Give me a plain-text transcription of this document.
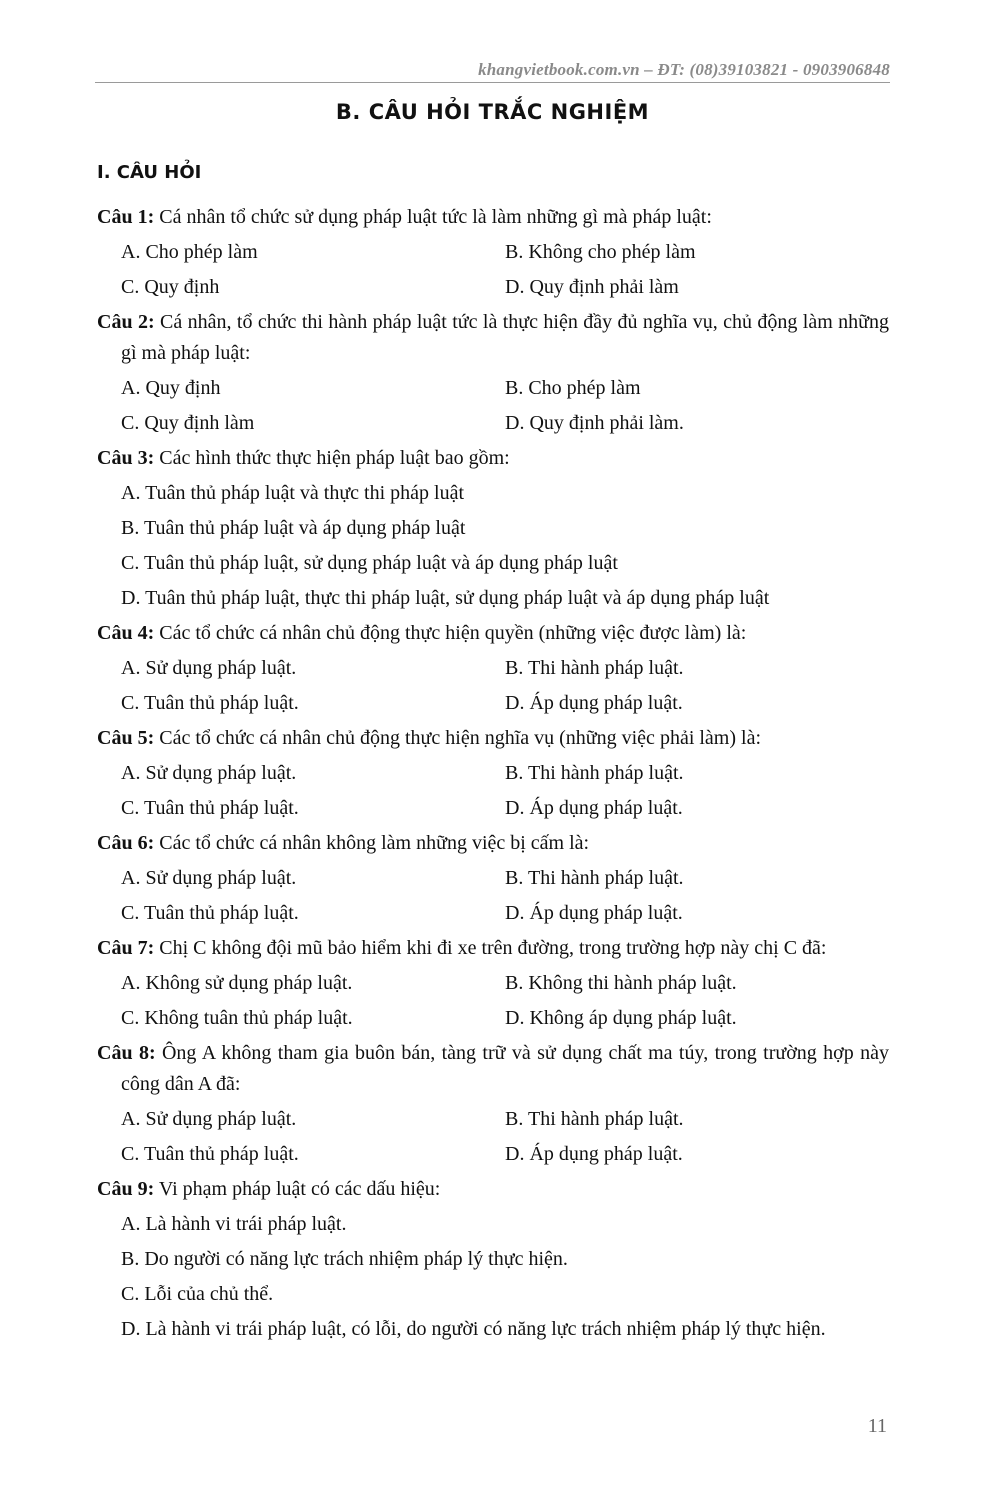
khangvietbook.com.vn – ĐT: (08)39103821 - 0903906848
B. CÂU HỎI TRẮC NGHIỆM
I. CÂU HỎI
Câu 1: Cá nhân tổ chức sử dụng pháp luật tức là làm những gì mà pháp luật:
A. Cho phép làm	B. Không cho phép làm
C. Quy định	D. Quy định phải làm
Câu 2: Cá nhân, tổ chức thi hành pháp luật tức là thực hiện đầy đủ nghĩa vụ, chủ động làm những gì mà pháp luật:
A. Quy định	B. Cho phép làm
C. Quy định làm	D. Quy định phải làm.
Câu 3: Các hình thức thực hiện pháp luật bao gồm:
A. Tuân thủ pháp luật và thực thi pháp luật
B. Tuân thủ pháp luật và áp dụng pháp luật
C. Tuân thủ pháp luật, sử dụng pháp luật và áp dụng pháp luật
D. Tuân thủ pháp luật, thực thi pháp luật, sử dụng pháp luật và áp dụng pháp luật
Câu 4: Các tổ chức cá nhân chủ động thực hiện quyền (những việc được làm) là:
A. Sử dụng pháp luật.	B. Thi hành pháp luật.
C. Tuân thủ pháp luật.	D. Áp dụng pháp luật.
Câu 5: Các tổ chức cá nhân chủ động thực hiện nghĩa vụ (những việc phải làm) là:
A. Sử dụng pháp luật.	B. Thi hành pháp luật.
C. Tuân thủ pháp luật.	D. Áp dụng pháp luật.
Câu 6: Các tổ chức cá nhân không làm những việc bị cấm là:
A. Sử dụng pháp luật.	B. Thi hành pháp luật.
C. Tuân thủ pháp luật.	D. Áp dụng pháp luật.
Câu 7: Chị C không đội mũ bảo hiểm khi đi xe trên đường, trong trường hợp này chị C đã:
A. Không sử dụng pháp luật.	B. Không thi hành pháp luật.
C. Không tuân thủ pháp luật.	D. Không áp dụng pháp luật.
Câu 8: Ông A không tham gia buôn bán, tàng trữ và sử dụng chất ma túy, trong trường hợp này công dân A đã:
A. Sử dụng pháp luật.	B. Thi hành pháp luật.
C. Tuân thủ pháp luật.	D. Áp dụng pháp luật.
Câu 9: Vi phạm pháp luật có các dấu hiệu:
A. Là hành vi trái pháp luật.
B. Do người có năng lực trách nhiệm pháp lý thực hiện.
C. Lỗi của chủ thể.
D. Là hành vi trái pháp luật, có lỗi, do người có năng lực trách nhiệm pháp lý thực hiện.
11
